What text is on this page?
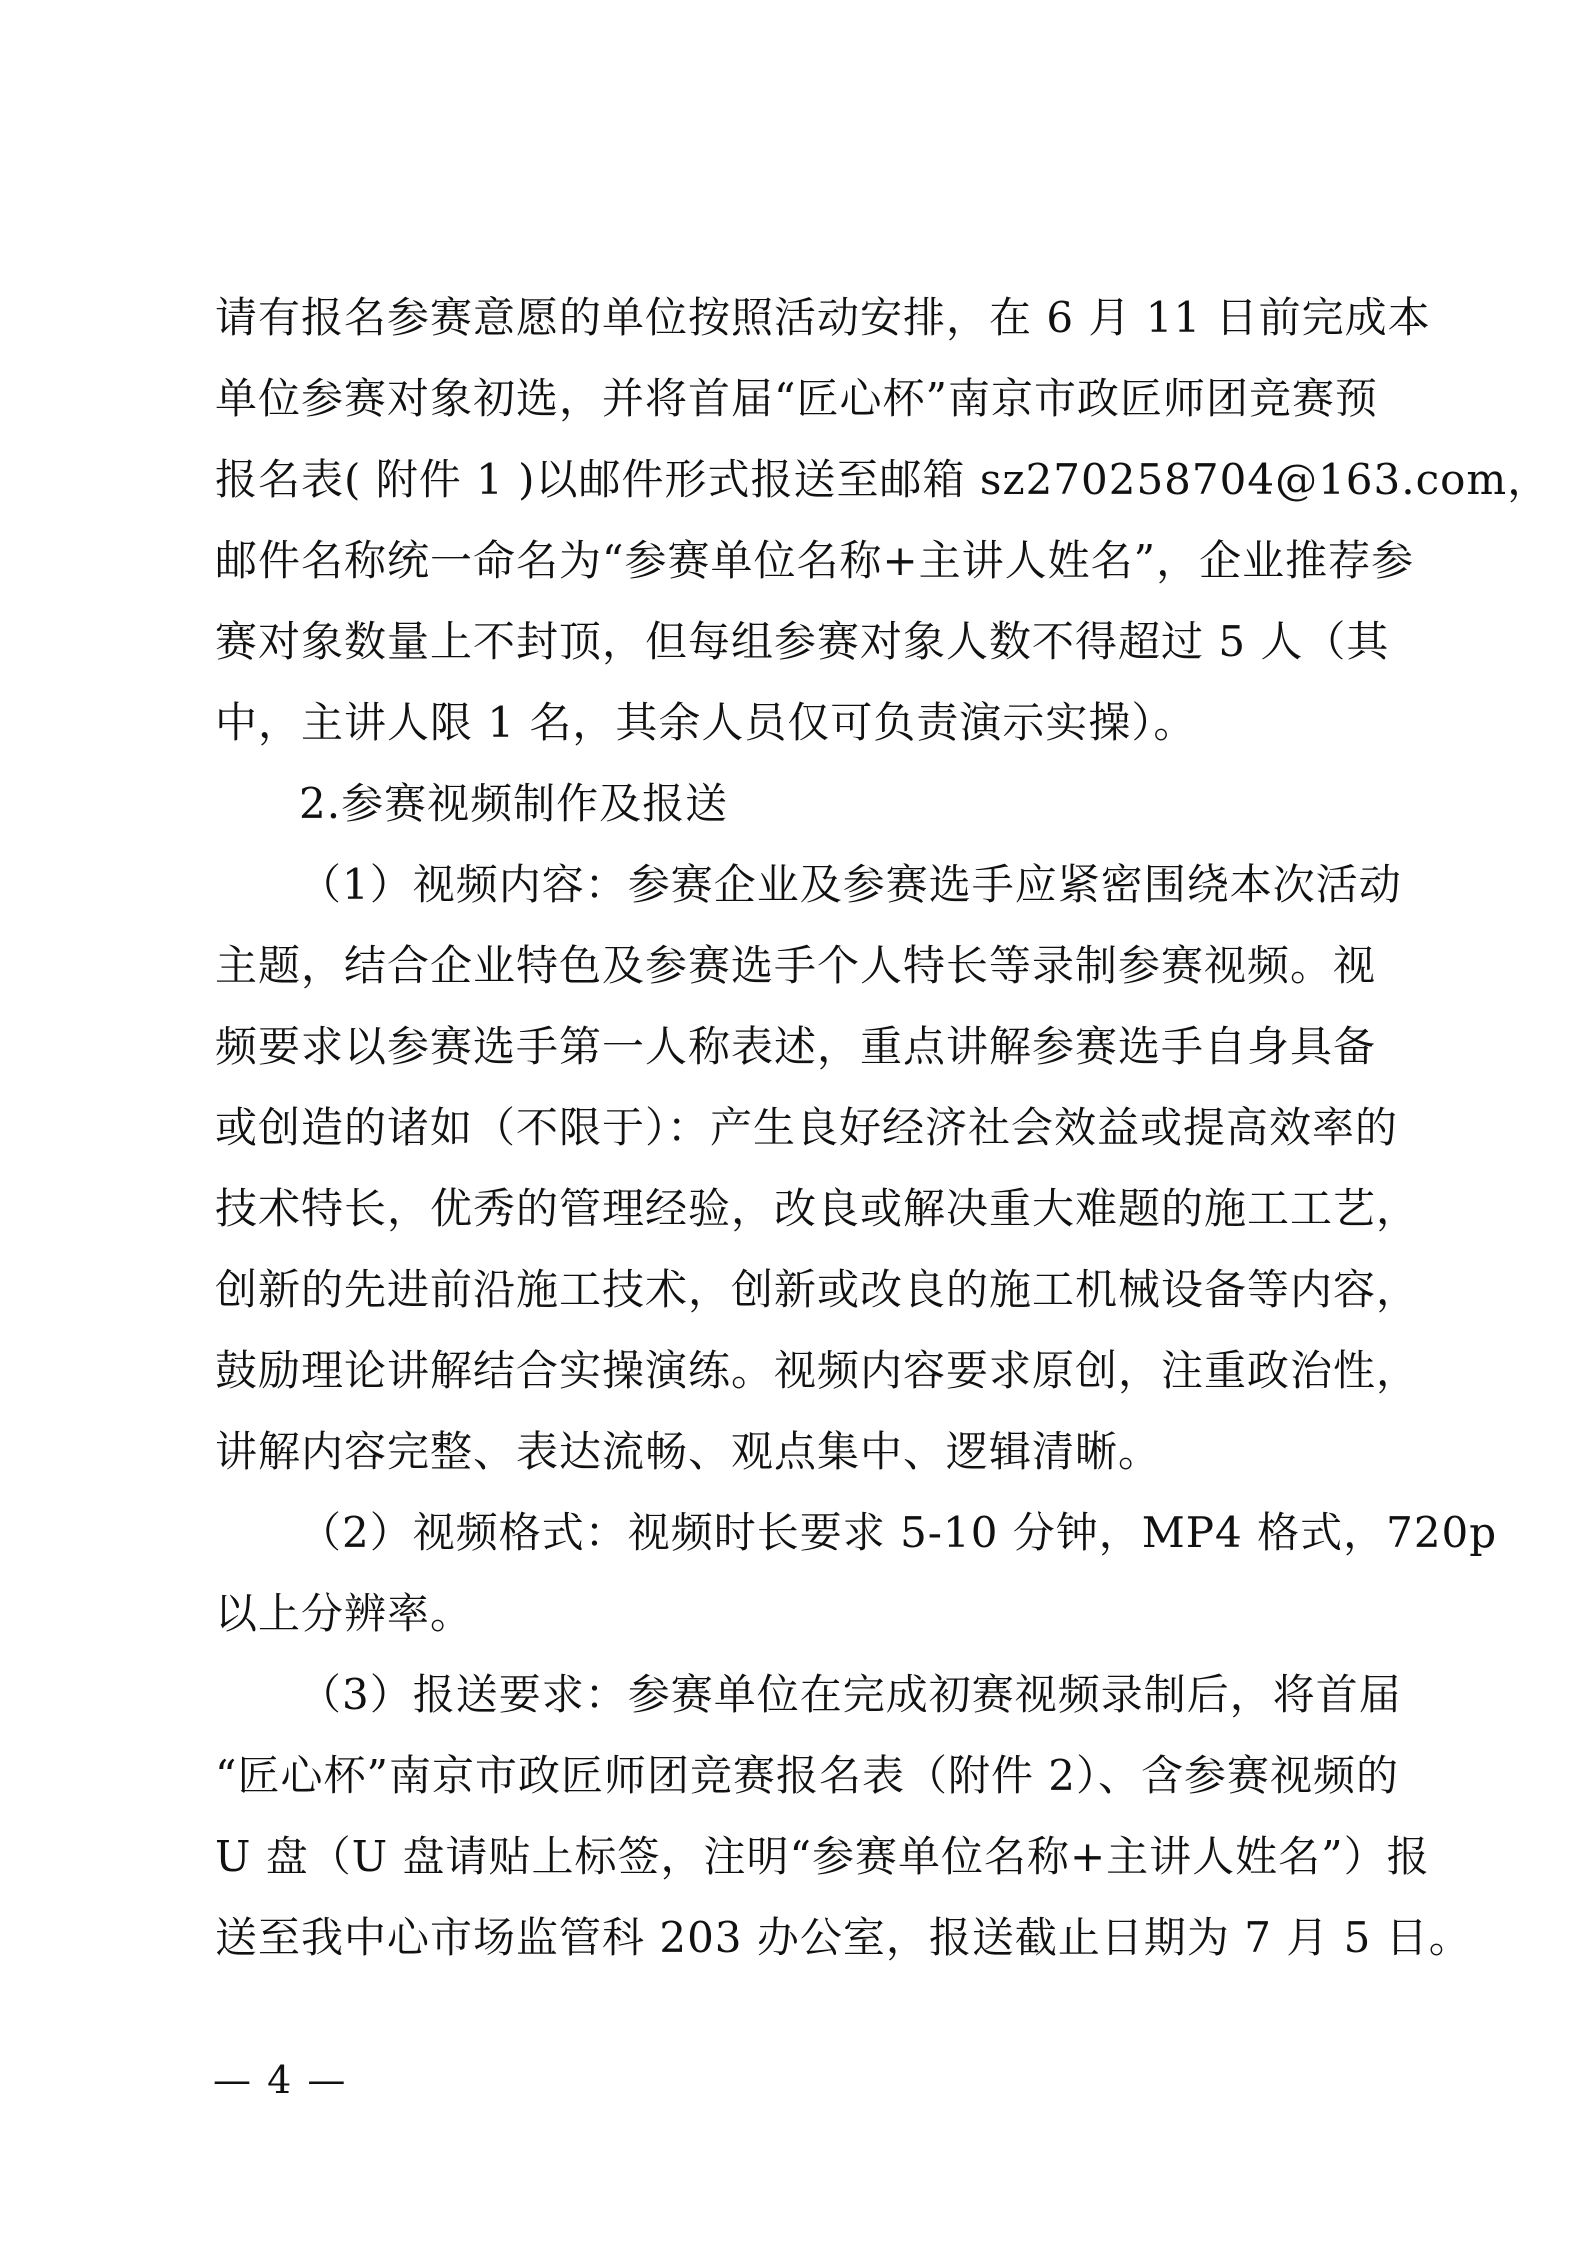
请有报名参赛意愿的单位按照活动安排，在 6 月 11 日前完成本
单位参赛对象初选，并将首届“匠心杯”南京市政匠师团竞赛预
报名表( 附件 1 )以邮件形式报送至邮箱 sz270258704@163.com，
邮件名称统一命名为“参赛单位名称+主讲人姓名”，企业推荐参
赛对象数量上不封顶，但每组参赛对象人数不得超过 5 人（其
中，主讲人限 1 名，其余人员仅可负责演示实操）。
2.参赛视频制作及报送
（1）视频内容：参赛企业及参赛选手应紧密围绕本次活动
主题，结合企业特色及参赛选手个人特长等录制参赛视频。视
频要求以参赛选手第一人称表述，重点讲解参赛选手自身具备
或创造的诸如（不限于）：产生良好经济社会效益或提高效率的
技术特长，优秀的管理经验，改良或解决重大难题的施工工艺，
创新的先进前沿施工技术，创新或改良的施工机械设备等内容，
鼓励理论讲解结合实操演练。视频内容要求原创，注重政治性，
讲解内容完整、表达流畅、观点集中、逻辑清晰。
（2）视频格式：视频时长要求 5-10 分钟，MP4 格式，720p
以上分辨率。
（3）报送要求：参赛单位在完成初赛视频录制后，将首届
“匠心杯”南京市政匠师团竞赛报名表（附件 2）、含参赛视频的
U 盘（U 盘请贴上标签，注明“参赛单位名称+主讲人姓名”）报
送至我中心市场监管科 203 办公室，报送截止日期为 7 月 5 日。
— 4 —
